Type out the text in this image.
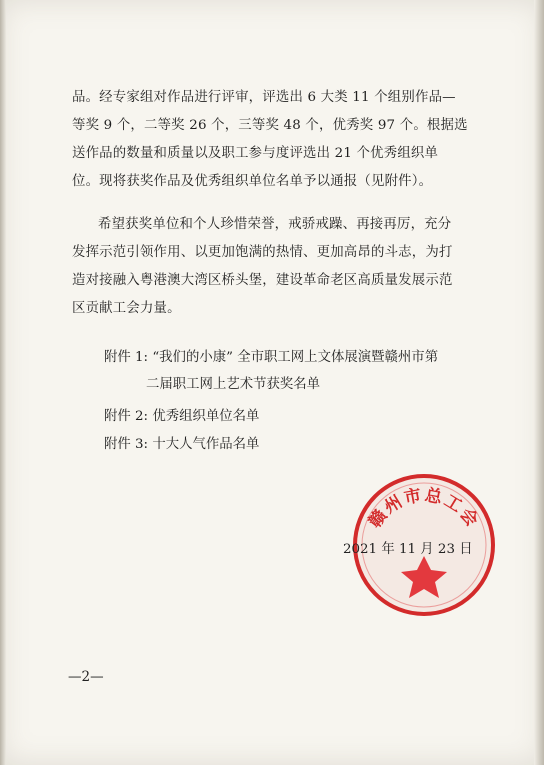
品。经专家组对作品进行评审，评选出 6 大类 11 个组别作品—
等奖 9 个，二等奖 26 个，三等奖 48 个，优秀奖 97 个。根据选
送作品的数量和质量以及职工参与度评选出 21 个优秀组织单
位。现将获奖作品及优秀组织单位名单予以通报（见附件）。
希望获奖单位和个人珍惜荣誉，戒骄戒躁、再接再厉，充分
发挥示范引领作用、以更加饱满的热情、更加高昂的斗志，为打
造对接融入粤港澳大湾区桥头堡，建设革命老区高质量发展示范
区贡献工会力量。
附件 1: “我们的小康” 全市职工网上文体展演暨赣州市第
二届职工网上艺术节获奖名单
附件 2: 优秀组织单位名单
附件 3: 十大人气作品名单
赣州市总工会
2021 年 11 月 23 日
—2—
